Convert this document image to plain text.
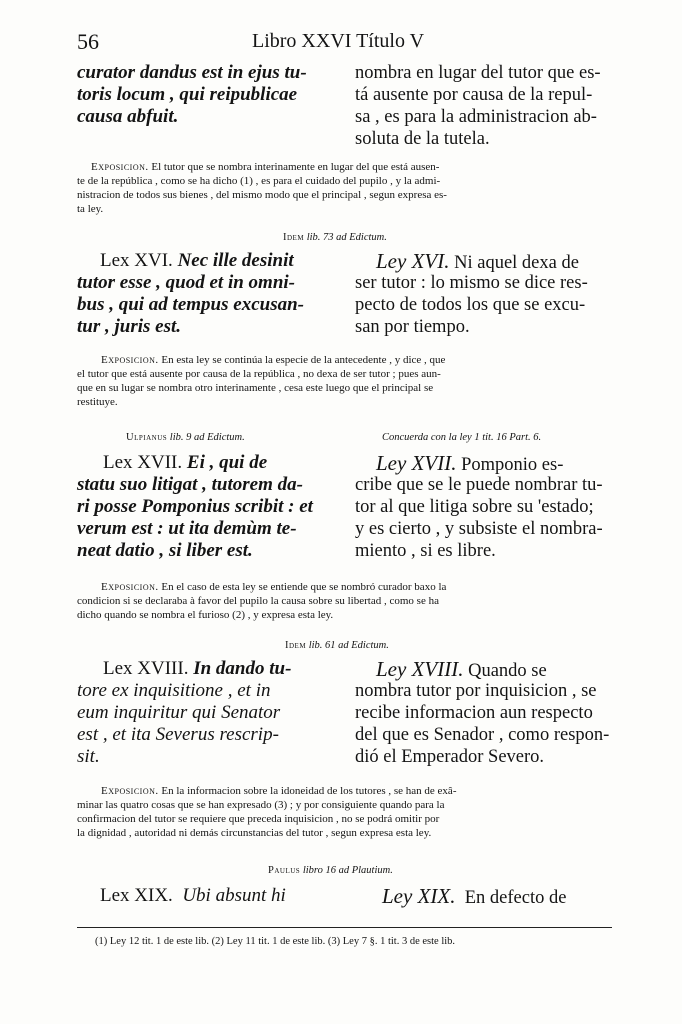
56	Libro XXVI Título V
curator dandus est in ejus tu-
toris locum , qui reipublicae
causa abfuit.
nombra en lugar del tutor que es-
tá ausente por causa de la repul-
sa , es para la administracion ab-
soluta de la tutela.
Exposicion. El tutor que se nombra interinamente en lugar del que está ausen-
te de la república , como se ha dicho (1) , es para el cuidado del pupilo , y la admi-
nistracion de todos sus bienes , del mismo modo que el principal , segun expresa es-
ta ley.
Idem lib. 73 ad Edictum.
Lex XVI. Nec ille desinit
tutor esse , quod et in omni-
bus , qui ad tempus excusan-
tur , juris est.
Ley XVI. Ni aquel dexa de
ser tutor : lo mismo se dice res-
pecto de todos los que se excu-
san por tiempo.
Exposicion. En esta ley se continúa la especie de la antecedente , y dice , que
el tutor que está ausente por causa de la república , no dexa de ser tutor ; pues aun-
que en su lugar se nombra otro interinamente , cesa este luego que el principal se
restituye.
Ulpianus lib. 9 ad Edictum.	Concuerda con la ley 1 tit. 16 Part. 6.
Lex XVII. Ei , qui de
statu suo litigat , tutorem da-
ri posse Pomponius scribit : et
verum est : ut ita demùm te-
neat datio , si liber est.
Ley XVII. Pomponio es-
cribe que se le puede nombrar tu-
tor al que litiga sobre su 'estado;
y es cierto , y subsiste el nombra-
miento , si es libre.
Exposicion. En el caso de esta ley se entiende que se nombró curador baxo la
condicion si se declaraba à favor del pupilo la causa sobre su libertad , como se ha
dicho quando se nombra el furioso (2) , y expresa esta ley.
Idem lib. 61 ad Edictum.
Lex XVIII. In dando tu-
tore ex inquisitione , et in
eum inquiritur qui Senator
est , et ita Severus rescrip-
sit.
Ley XVIII. Quando se
nombra tutor por inquisicion , se
recibe informacion aun respecto
del que es Senador , como respon-
dió el Emperador Severo.
Exposicion. En la informacion sobre la idoneidad de los tutores , se han de exâ-
minar las quatro cosas que se han expresado (3) ; y por consiguiente quando para la
confirmacion del tutor se requiere que preceda inquisicion , no se podrá omitir por
la dignidad , autoridad ni demás circunstancias del tutor , segun expresa esta ley.
Paulus libro 16 ad Plautium.
Lex XIX. Ubi absunt hi	Ley XIX. En defecto de
(1) Ley 12 tit. 1 de este lib. (2) Ley 11 tit. 1 de este lib. (3) Ley 7 §. 1 tit. 3 de este lib.
